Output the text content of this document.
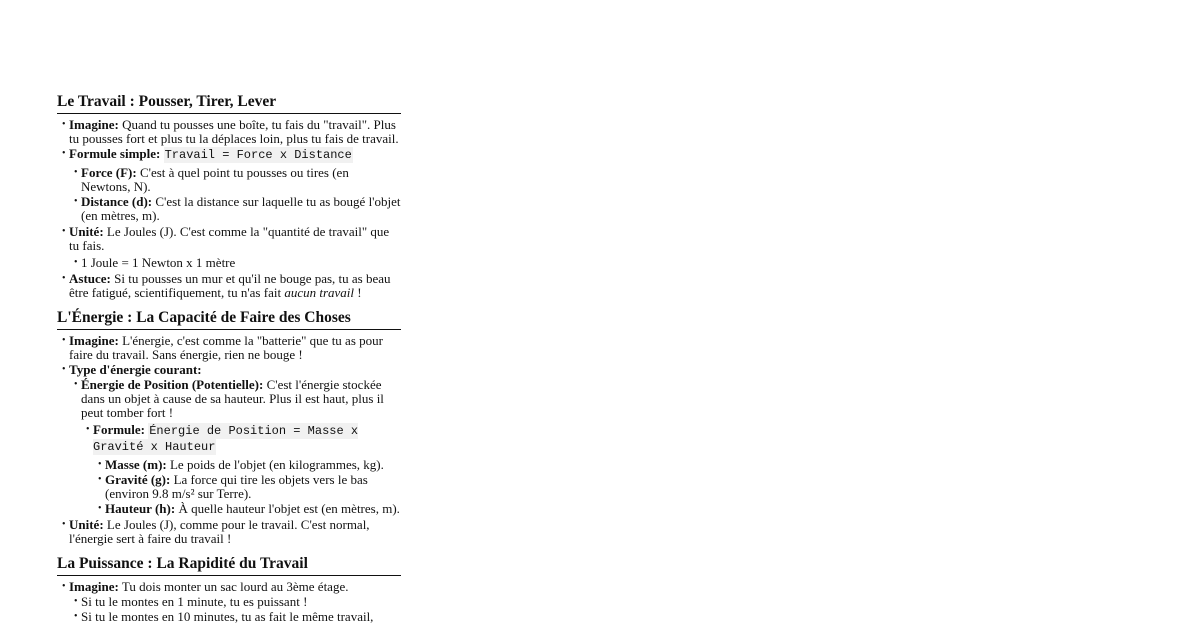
Le Travail : Pousser, Tirer, Lever
• Imagine: Quand tu pousses une boîte, tu fais du "travail". Plus tu pousses fort et plus tu la déplaces loin, plus tu fais de travail.
• Formule simple: Travail = Force x Distance
• Force (F): C'est à quel point tu pousses ou tires (en Newtons, N).
• Distance (d): C'est la distance sur laquelle tu as bougé l'objet (en mètres, m).
• Unité: Le Joules (J). C'est comme la "quantité de travail" que tu fais.
• 1 Joule = 1 Newton x 1 mètre
• Astuce: Si tu pousses un mur et qu'il ne bouge pas, tu as beau être fatigué, scientifiquement, tu n'as fait aucun travail !
L'Énergie : La Capacité de Faire des Choses
• Imagine: L'énergie, c'est comme la "batterie" que tu as pour faire du travail. Sans énergie, rien ne bouge !
• Type d'énergie courant:
• Énergie de Position (Potentielle): C'est l'énergie stockée dans un objet à cause de sa hauteur. Plus il est haut, plus il peut tomber fort !
• Formule: Énergie de Position = Masse x Gravité x Hauteur
• Masse (m): Le poids de l'objet (en kilogrammes, kg).
• Gravité (g): La force qui tire les objets vers le bas (environ 9.8 m/s² sur Terre).
• Hauteur (h): À quelle hauteur l'objet est (en mètres, m).
• Unité: Le Joules (J), comme pour le travail. C'est normal, l'énergie sert à faire du travail !
La Puissance : La Rapidité du Travail
• Imagine: Tu dois monter un sac lourd au 3ème étage.
• Si tu le montes en 1 minute, tu es puissant !
• Si tu le montes en 10 minutes, tu as fait le même travail,
